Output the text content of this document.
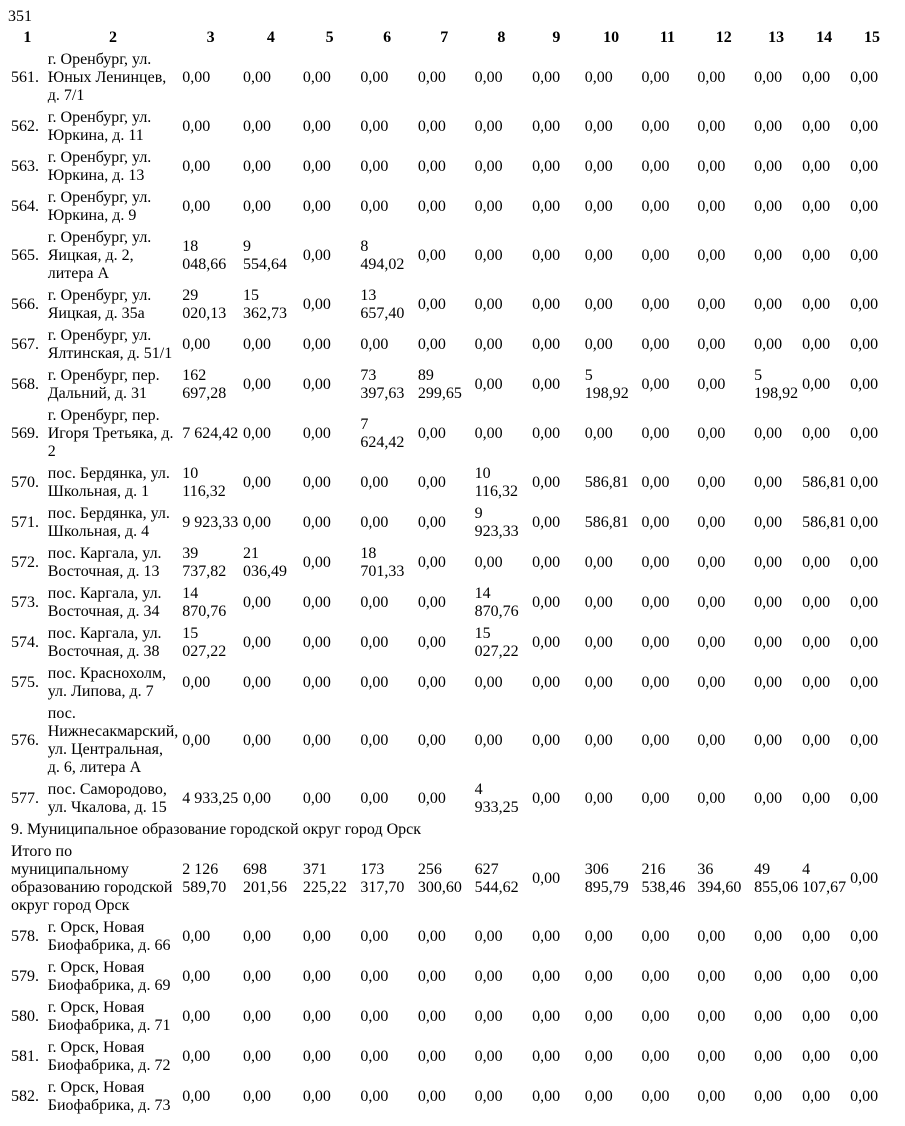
351
1	2	3	4	5	6	7	8	9	10	11	12	13	14	15
561.	г. Оренбург, ул. Юных Ленинцев, д. 7/1	0,00	0,00	0,00	0,00	0,00	0,00	0,00	0,00	0,00	0,00	0,00	0,00	0,00
562.	г. Оренбург, ул. Юркина, д. 11	0,00	0,00	0,00	0,00	0,00	0,00	0,00	0,00	0,00	0,00	0,00	0,00	0,00
563.	г. Оренбург, ул. Юркина, д. 13	0,00	0,00	0,00	0,00	0,00	0,00	0,00	0,00	0,00	0,00	0,00	0,00	0,00
564.	г. Оренбург, ул. Юркина, д. 9	0,00	0,00	0,00	0,00	0,00	0,00	0,00	0,00	0,00	0,00	0,00	0,00	0,00
565.	г. Оренбург, ул. Яицкая, д. 2, литера А	18 048,66	9 554,64	0,00	8 494,02	0,00	0,00	0,00	0,00	0,00	0,00	0,00	0,00	0,00
566.	г. Оренбург, ул. Яицкая, д. 35а	29 020,13	15 362,73	0,00	13 657,40	0,00	0,00	0,00	0,00	0,00	0,00	0,00	0,00	0,00
567.	г. Оренбург, ул. Ялтинская, д. 51/1	0,00	0,00	0,00	0,00	0,00	0,00	0,00	0,00	0,00	0,00	0,00	0,00	0,00
568.	г. Оренбург, пер. Дальний, д. 31	162 697,28	0,00	0,00	73 397,63	89 299,65	0,00	0,00	5 198,92	0,00	0,00	5 198,92	0,00	0,00
569.	г. Оренбург, пер. Игоря Третьяка, д. 2	7 624,42	0,00	0,00	7 624,42	0,00	0,00	0,00	0,00	0,00	0,00	0,00	0,00	0,00
570.	пос. Бердянка, ул. Школьная, д. 1	10 116,32	0,00	0,00	0,00	0,00	10 116,32	0,00	586,81	0,00	0,00	0,00	586,81	0,00
571.	пос. Бердянка, ул. Школьная, д. 4	9 923,33	0,00	0,00	0,00	0,00	9 923,33	0,00	586,81	0,00	0,00	0,00	586,81	0,00
572.	пос. Каргала, ул. Восточная, д. 13	39 737,82	21 036,49	0,00	18 701,33	0,00	0,00	0,00	0,00	0,00	0,00	0,00	0,00	0,00
573.	пос. Каргала, ул. Восточная, д. 34	14 870,76	0,00	0,00	0,00	0,00	14 870,76	0,00	0,00	0,00	0,00	0,00	0,00	0,00
574.	пос. Каргала, ул. Восточная, д. 38	15 027,22	0,00	0,00	0,00	0,00	15 027,22	0,00	0,00	0,00	0,00	0,00	0,00	0,00
575.	пос. Краснохолм, ул. Липова, д. 7	0,00	0,00	0,00	0,00	0,00	0,00	0,00	0,00	0,00	0,00	0,00	0,00	0,00
576.	пос. Нижнесакмарский, ул. Центральная, д. 6, литера А	0,00	0,00	0,00	0,00	0,00	0,00	0,00	0,00	0,00	0,00	0,00	0,00	0,00
577.	пос. Самородово, ул. Чкалова, д. 15	4 933,25	0,00	0,00	0,00	0,00	4 933,25	0,00	0,00	0,00	0,00	0,00	0,00	0,00
9. Муниципальное образование городской округ город Орск														
Итого по муниципальному образованию городской округ город Орск		2 126 589,70	698 201,56	371 225,22	173 317,70	256 300,60	627 544,62	0,00	306 895,79	216 538,46	36 394,60	49 855,06	4 107,67	0,00
578.	г. Орск, Новая Биофабрика, д. 66	0,00	0,00	0,00	0,00	0,00	0,00	0,00	0,00	0,00	0,00	0,00	0,00	0,00
579.	г. Орск, Новая Биофабрика, д. 69	0,00	0,00	0,00	0,00	0,00	0,00	0,00	0,00	0,00	0,00	0,00	0,00	0,00
580.	г. Орск, Новая Биофабрика, д. 71	0,00	0,00	0,00	0,00	0,00	0,00	0,00	0,00	0,00	0,00	0,00	0,00	0,00
581.	г. Орск, Новая Биофабрика, д. 72	0,00	0,00	0,00	0,00	0,00	0,00	0,00	0,00	0,00	0,00	0,00	0,00	0,00
582.	г. Орск, Новая Биофабрика, д. 73	0,00	0,00	0,00	0,00	0,00	0,00	0,00	0,00	0,00	0,00	0,00	0,00	0,00
